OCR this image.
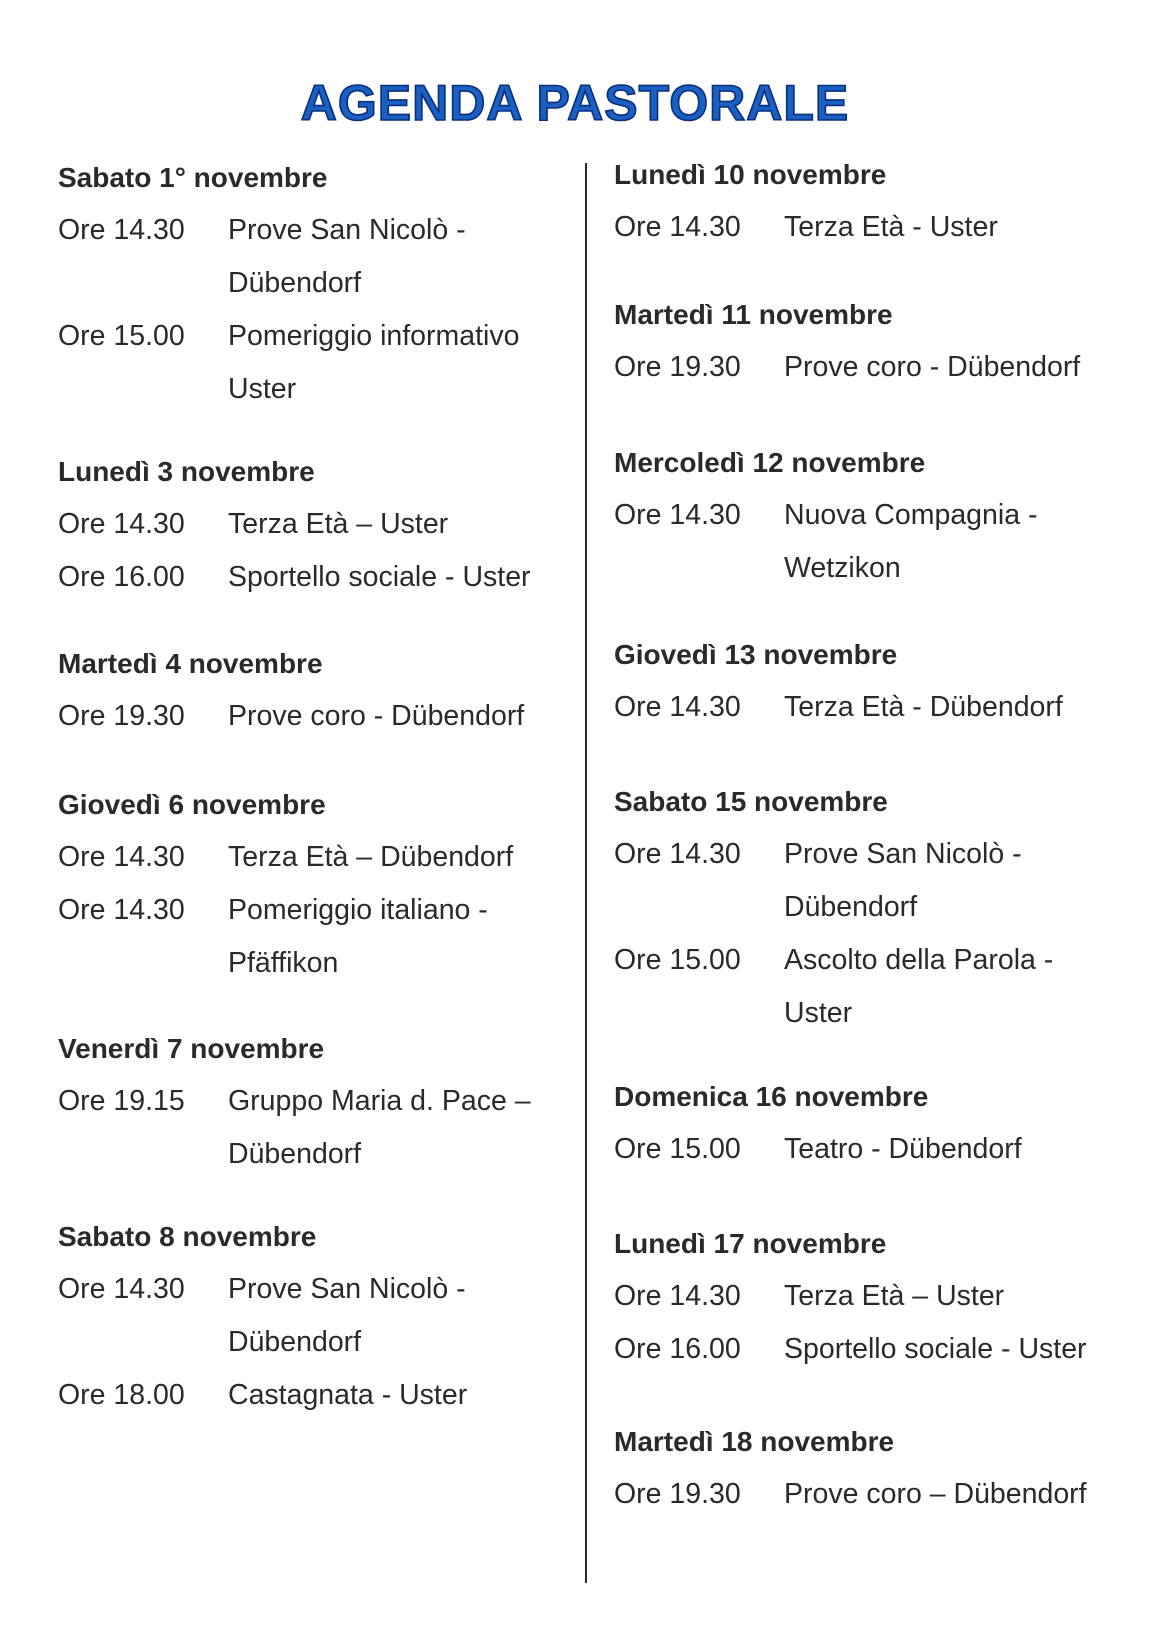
AGENDA PASTORALE
Sabato 1° novembre
Ore 14.30	Prove San Nicolò -
Dübendorf
Ore 15.00	Pomeriggio informativo
Uster
Lunedì 3 novembre
Ore 14.30	Terza Età – Uster
Ore 16.00	Sportello sociale - Uster
Martedì 4 novembre
Ore 19.30	Prove coro - Dübendorf
Giovedì 6 novembre
Ore 14.30	Terza Età – Dübendorf
Ore 14.30	Pomeriggio italiano -
Pfäffikon
Venerdì 7 novembre
Ore 19.15	Gruppo Maria d. Pace –
Dübendorf
Sabato 8 novembre
Ore 14.30	Prove San Nicolò -
Dübendorf
Ore 18.00	Castagnata - Uster
Lunedì 10 novembre
Ore 14.30	Terza Età - Uster
Martedì 11 novembre
Ore 19.30	Prove coro - Dübendorf
Mercoledì 12 novembre
Ore 14.30	Nuova Compagnia -
Wetzikon
Giovedì 13 novembre
Ore 14.30	Terza Età - Dübendorf
Sabato 15 novembre
Ore 14.30	Prove San Nicolò -
Dübendorf
Ore 15.00	Ascolto della Parola -
Uster
Domenica 16 novembre
Ore 15.00	Teatro - Dübendorf
Lunedì 17 novembre
Ore 14.30	Terza Età – Uster
Ore 16.00	Sportello sociale - Uster
Martedì 18 novembre
Ore 19.30	Prove coro – Dübendorf
